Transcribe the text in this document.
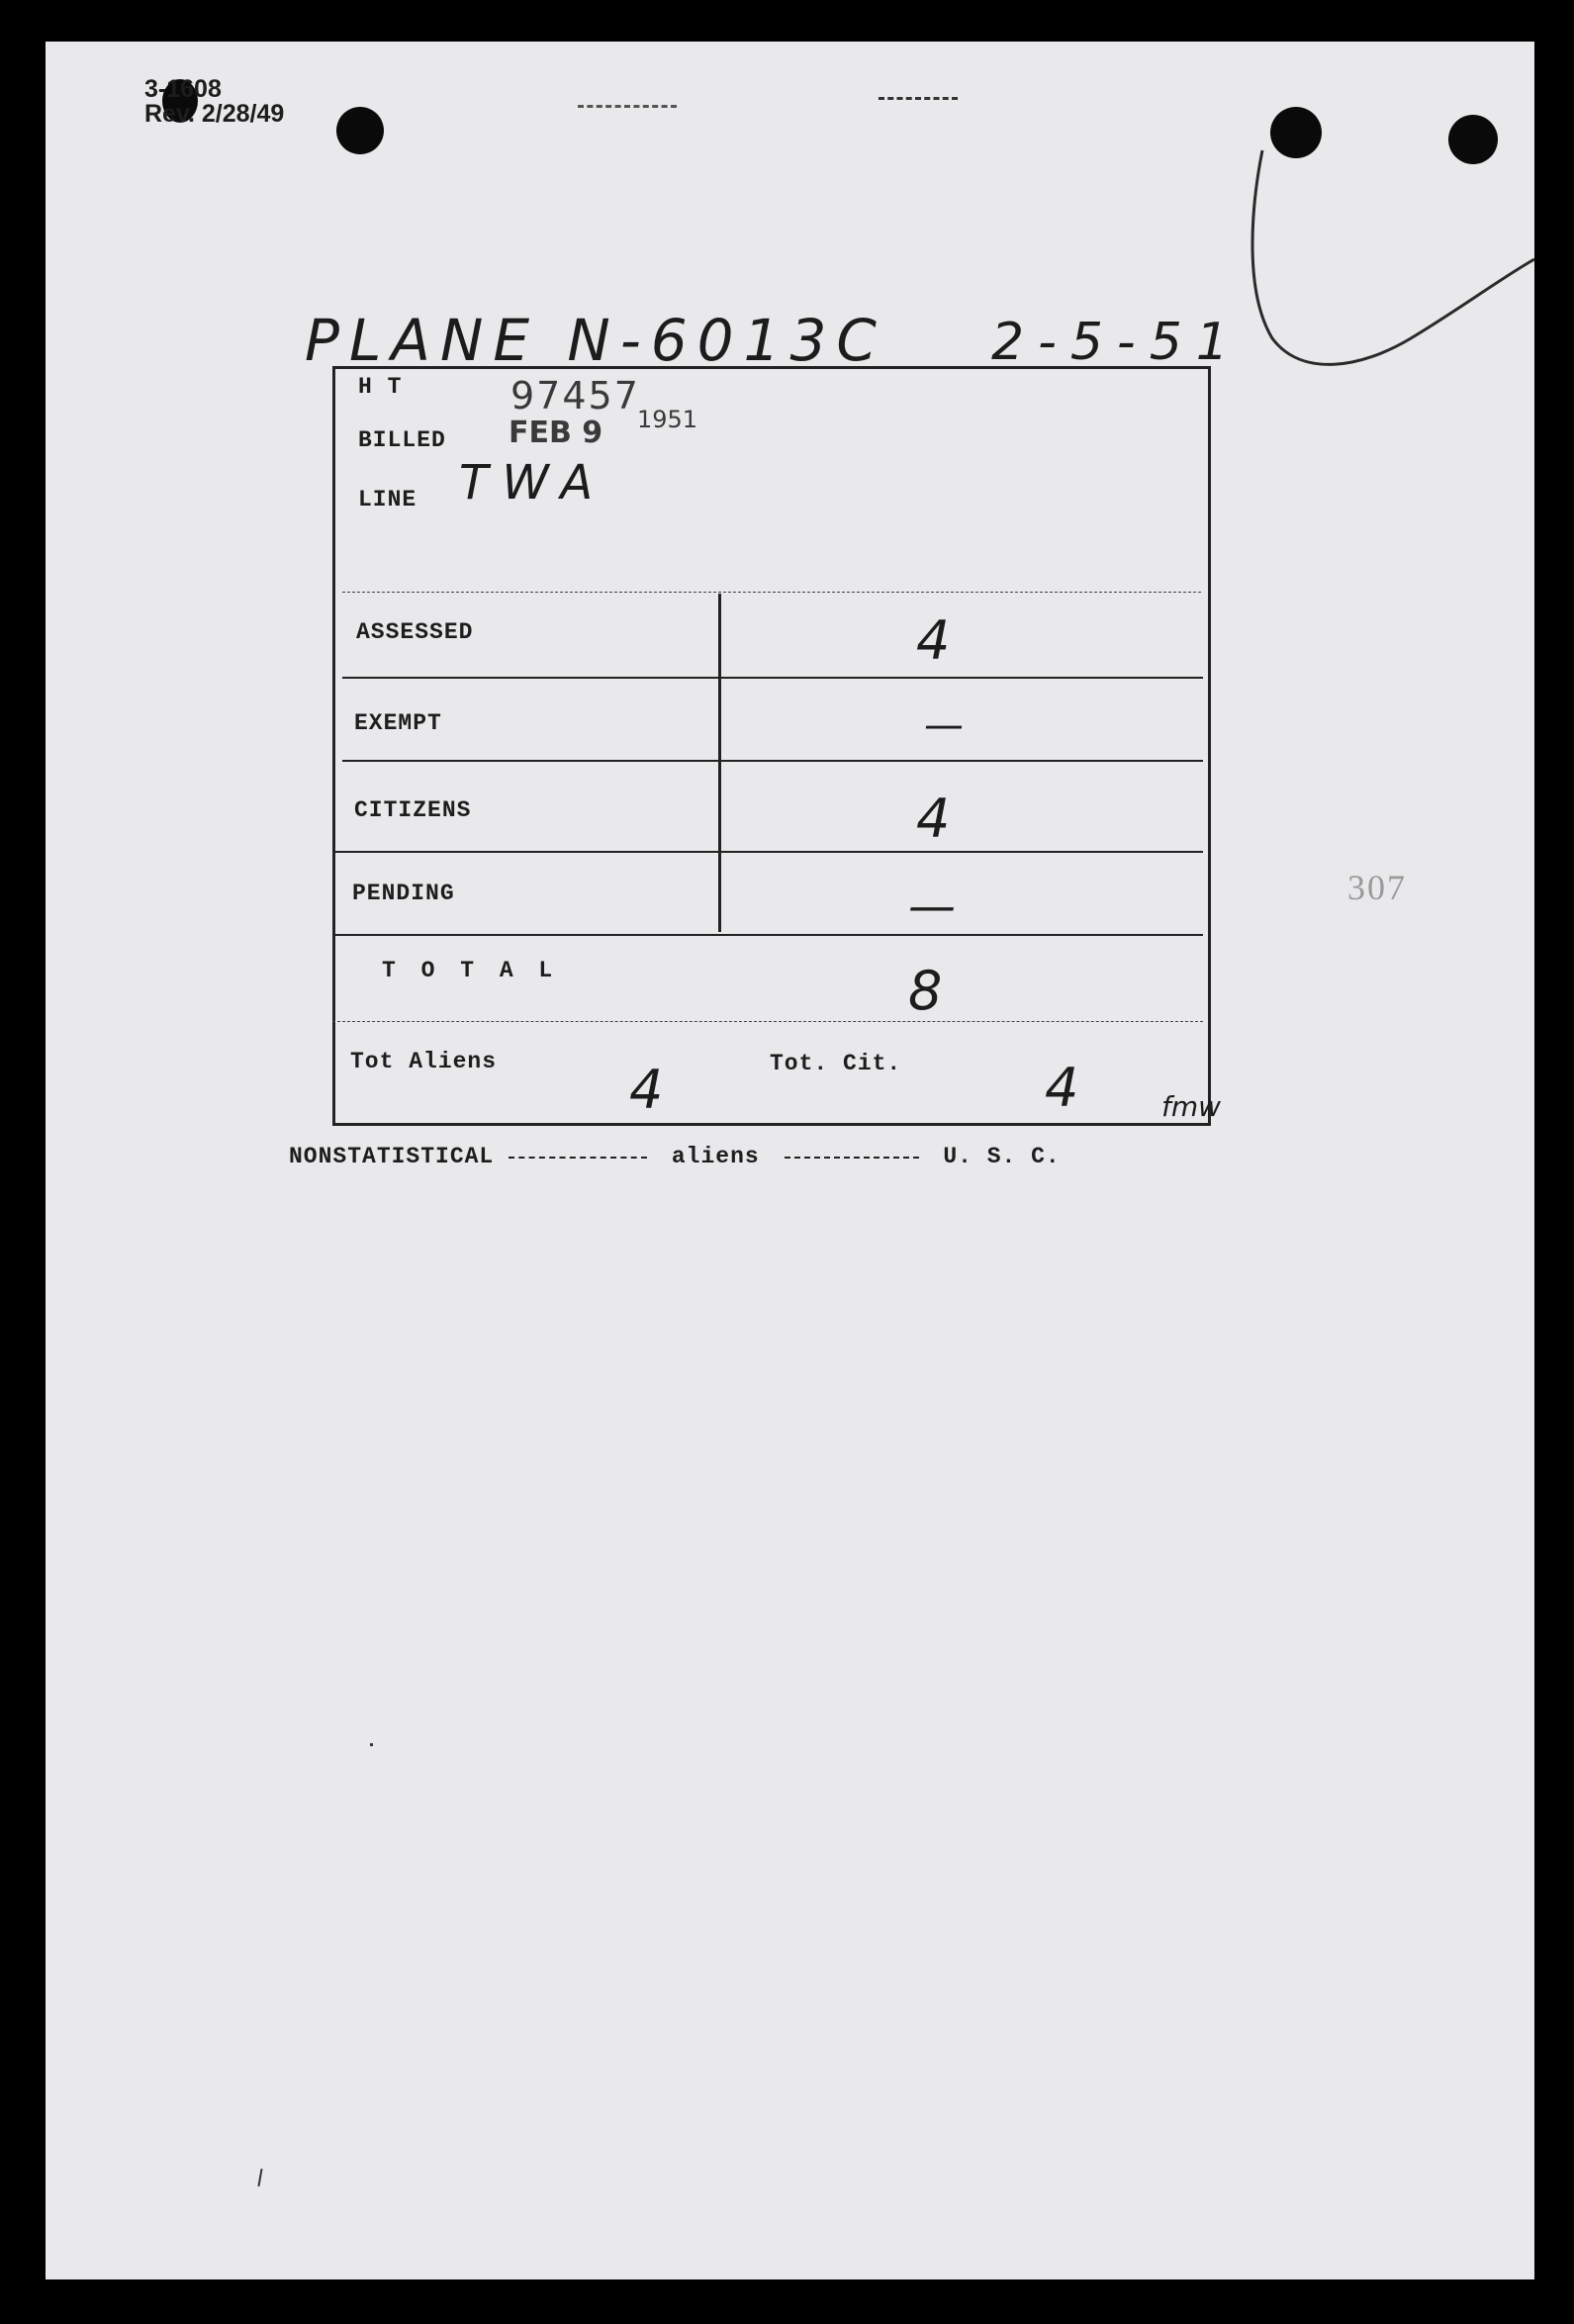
3-1608
Rev. 2/28/49
PLANE N-6013C 2-5-51
H T	97457
BILLED FEB 9 1951
LINE TWA
ASSESSED	4
EXEMPT	—
CITIZENS	4
PENDING	—
T O T A L	8
Tot Aliens 4	Tot. Cit.	4	fmw
NONSTATISTICAL	aliens	U. S. C.
307
